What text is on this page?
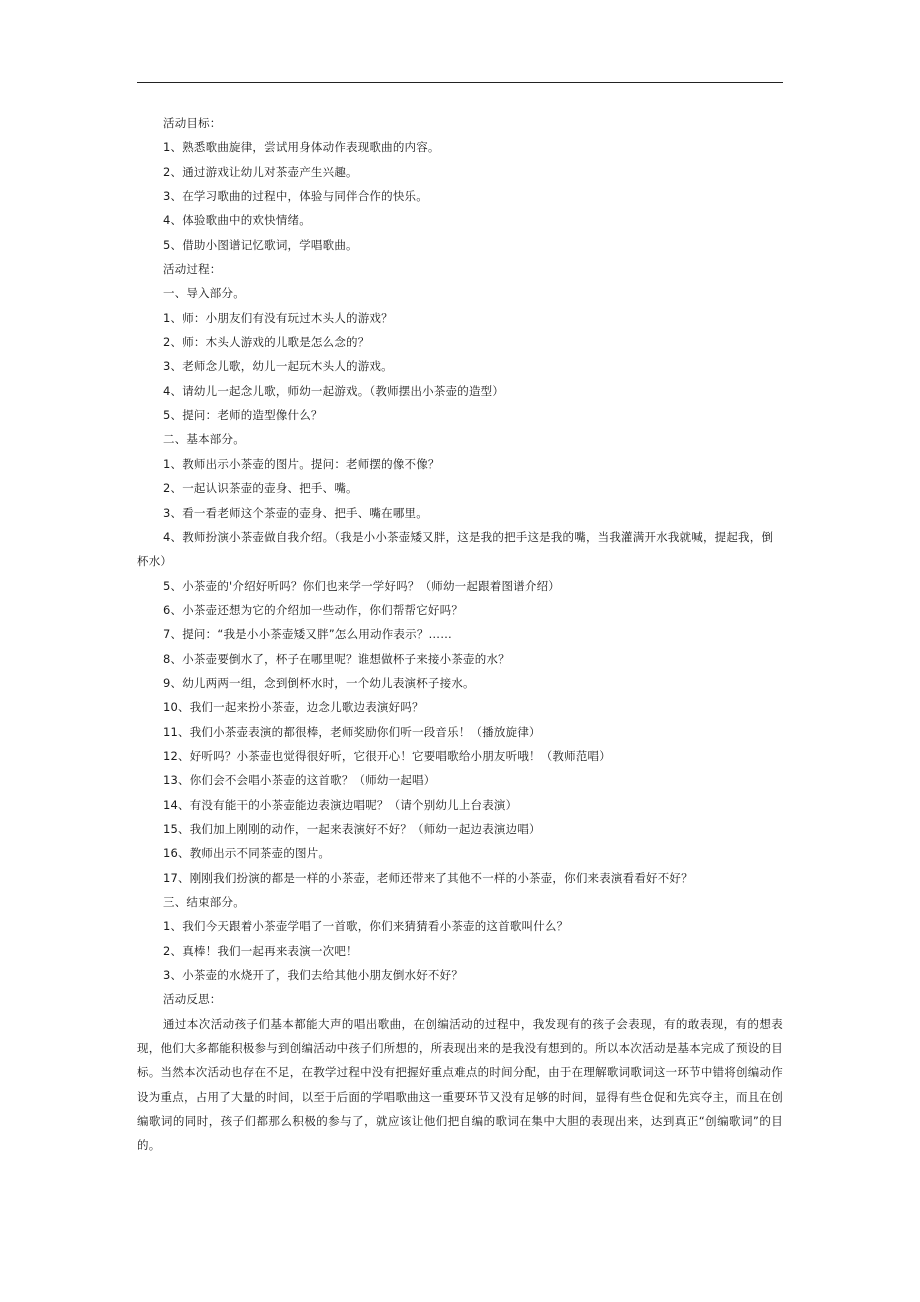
活动目标：
1、熟悉歌曲旋律，尝试用身体动作表现歌曲的内容。
2、通过游戏让幼儿对茶壶产生兴趣。
3、在学习歌曲的过程中，体验与同伴合作的快乐。
4、体验歌曲中的欢快情绪。
5、借助小图谱记忆歌词，学唱歌曲。
活动过程：
一、导入部分。
1、师：小朋友们有没有玩过木头人的游戏？
2、师：木头人游戏的儿歌是怎么念的？
3、老师念儿歌，幼儿一起玩木头人的游戏。
4、请幼儿一起念儿歌，师幼一起游戏。（教师摆出小茶壶的造型）
5、提问：老师的造型像什么？
二、基本部分。
1、教师出示小茶壶的图片。提问：老师摆的像不像？
2、一起认识茶壶的壶身、把手、嘴。
3、看一看老师这个茶壶的壶身、把手、嘴在哪里。
4、教师扮演小茶壶做自我介绍。（我是小小茶壶矮又胖，这是我的把手这是我的嘴，当我灌满开水我就喊，提起我，倒杯水）
5、小茶壶的'介绍好听吗？你们也来学一学好吗？（师幼一起跟着图谱介绍）
6、小茶壶还想为它的介绍加一些动作，你们帮帮它好吗？
7、提问：“我是小小茶壶矮又胖”怎么用动作表示？……
8、小茶壶要倒水了，杯子在哪里呢？谁想做杯子来接小茶壶的水？
9、幼儿两两一组，念到倒杯水时，一个幼儿表演杯子接水。
10、我们一起来扮小茶壶，边念儿歌边表演好吗？
11、我们小茶壶表演的都很棒，老师奖励你们听一段音乐！（播放旋律）
12、好听吗？小茶壶也觉得很好听，它很开心！它要唱歌给小朋友听哦！（教师范唱）
13、你们会不会唱小茶壶的这首歌？（师幼一起唱）
14、有没有能干的小茶壶能边表演边唱呢？（请个别幼儿上台表演）
15、我们加上刚刚的动作，一起来表演好不好？（师幼一起边表演边唱）
16、教师出示不同茶壶的图片。
17、刚刚我们扮演的都是一样的小茶壶，老师还带来了其他不一样的小茶壶，你们来表演看看好不好？
三、结束部分。
1、我们今天跟着小茶壶学唱了一首歌，你们来猜猜看小茶壶的这首歌叫什么？
2、真棒！我们一起再来表演一次吧！
3、小茶壶的水烧开了，我们去给其他小朋友倒水好不好？
活动反思：
通过本次活动孩子们基本都能大声的唱出歌曲，在创编活动的过程中，我发现有的孩子会表现，有的敢表现，有的想表现，他们大多都能积极参与到创编活动中孩子们所想的，所表现出来的是我没有想到的。所以本次活动是基本完成了预设的目标。当然本次活动也存在不足，在教学过程中没有把握好重点难点的时间分配，由于在理解歌词歌词这一环节中错将创编动作设为重点，占用了大量的时间，以至于后面的学唱歌曲这一重要环节又没有足够的时间，显得有些仓促和先宾夺主，而且在创编歌词的同时，孩子们都那么积极的参与了，就应该让他们把自编的歌词在集中大胆的表现出来，达到真正“创编歌词”的目的。
